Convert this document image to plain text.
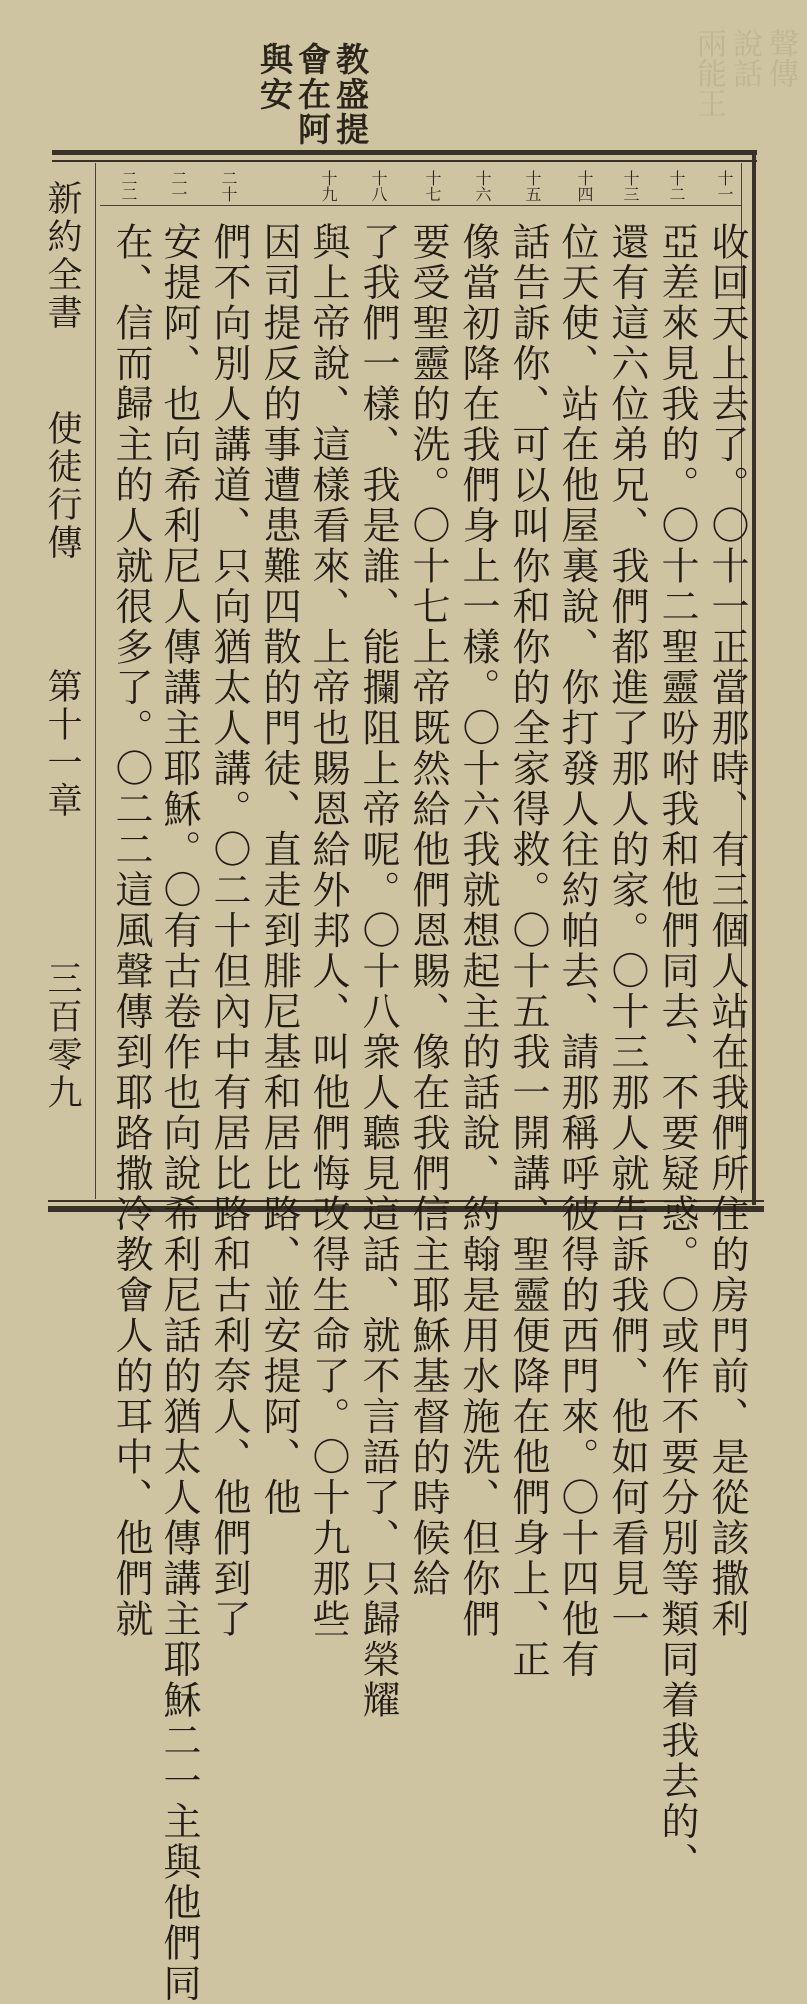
教盛提
會在阿
與安	聲傳
說話
兩能王
十一
十二
十三
十四
十五
十六
十七
十八
十九
二十
二一
二二
收回天上去了。〇十一正當那時、有三個人站在我們所住的房門前、是從該撒利
亞差來見我的。〇十二聖靈吩咐我和他們同去、不要疑惑。〇或作不要分別等類同着我去的、
還有這六位弟兄、我們都進了那人的家。〇十三那人就告訴我們、他如何看見一
位天使、站在他屋裏說、你打發人往約帕去、請那稱呼彼得的西門來。〇十四他有
話告訴你、可以叫你和你的全家得救。〇十五我一開講、聖靈便降在他們身上、正
像當初降在我們身上一樣。〇十六我就想起主的話說、約翰是用水施洗、但你們
要受聖靈的洗。〇十七上帝既然給他們恩賜、像在我們信主耶穌基督的時候給
了我們一樣、我是誰、能攔阻上帝呢。〇十八衆人聽見這話、就不言語了、只歸榮耀
與上帝說、這樣看來、上帝也賜恩給外邦人、叫他們悔改得生命了。〇十九那些
因司提反的事遭患難四散的門徒、直走到腓尼基和居比路、並安提阿、他
們不向別人講道、只向猶太人講。〇二十但內中有居比路和古利奈人、他們到了
安提阿、也向希利尼人傳講主耶穌。〇有古卷作也向說希利尼話的猶太人傳講主耶穌二一主與他們同
在、信而歸主的人就很多了。〇二二這風聲傳到耶路撒冷教會人的耳中、他們就
新約全書
使徒行傳
第十一章
三百零九
